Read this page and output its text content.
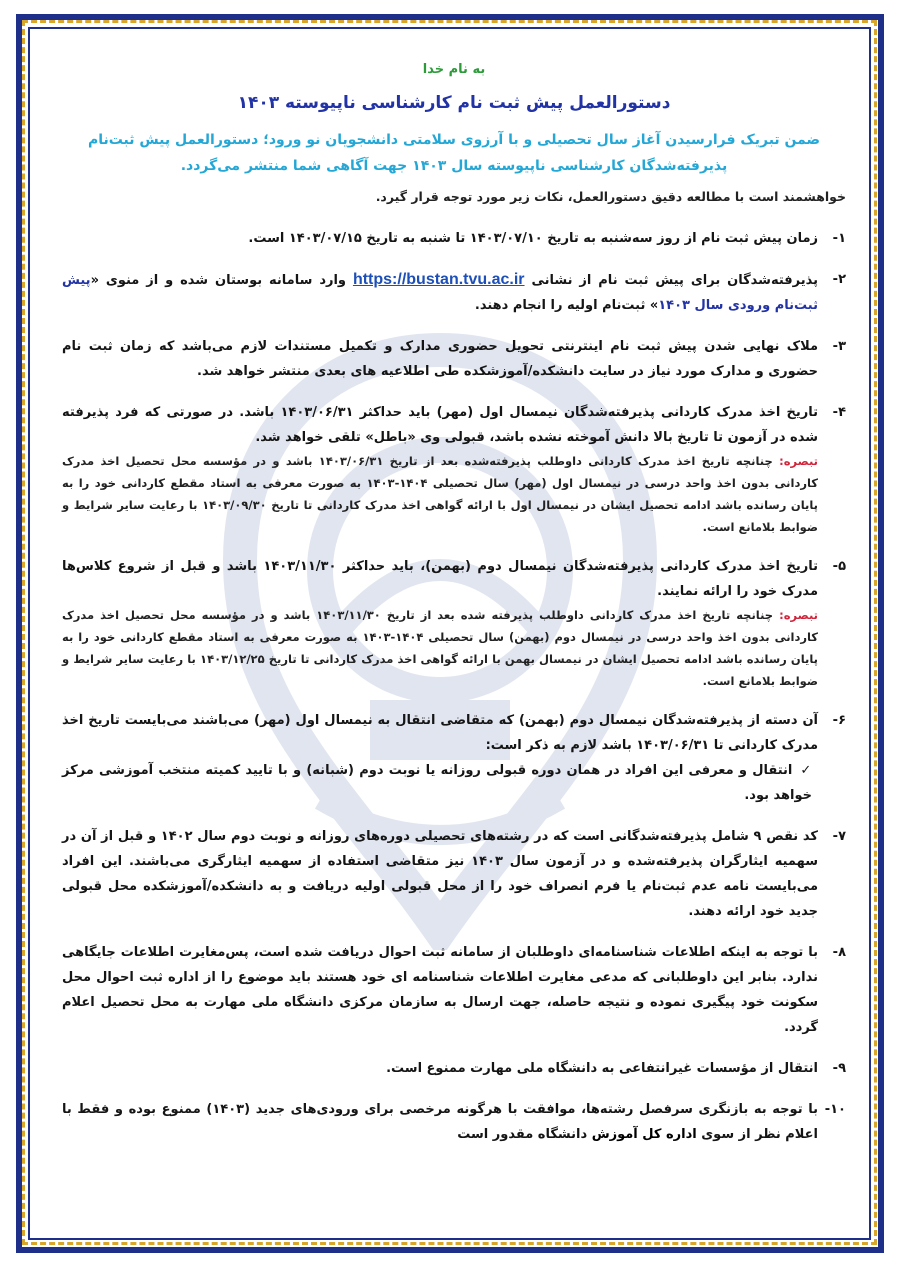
به نام خدا
دستورالعمل پیش ثبت نام کارشناسی ناپیوسته ۱۴۰۳
ضمن تبریک فرارسیدن آغاز سال تحصیلی و با آرزوی سلامتی دانشجویان نو ورود؛ دستورالعمل پیش ثبت‌نام پذیرفته‌شدگان کارشناسی ناپیوسته سال ۱۴۰۳ جهت آگاهی شما منتشر می‌گردد.
خواهشمند است با مطالعه دقیق دستورالعمل، نکات زیر مورد توجه قرار گیرد.
۱-
زمان پیش ثبت نام از روز سه‌شنبه به تاریخ ۱۴۰۳/۰۷/۱۰ تا شنبه به تاریخ ۱۴۰۳/۰۷/۱۵ است.
۲-
پذیرفته‌شدگان برای پیش ثبت نام از نشانی https://bustan.tvu.ac.ir وارد سامانه بوستان شده و از منوی «پیش ثبت‌نام ورودی سال ۱۴۰۳» ثبت‌نام اولیه را انجام دهند.
۳-
ملاک نهایی شدن پیش ثبت نام اینترنتی تحویل حضوری مدارک و تکمیل مستندات لازم می‌باشد که زمان ثبت نام حضوری و مدارک مورد نیاز در سایت دانشکده/آموزشکده طی اطلاعیه های بعدی منتشر خواهد شد.
۴-
تاریخ اخذ مدرک کاردانی پذیرفته‌شدگان نیمسال اول (مهر) باید حداکثر ۱۴۰۳/۰۶/۳۱ باشد. در صورتی که فرد پذیرفته شده در آزمون تا تاریخ بالا دانش آموخته نشده باشد، قبولی وی «باطل» تلقی خواهد شد.
تبصره: چنانچه تاریخ اخذ مدرک کاردانی داوطلب پذیرفته‌شده بعد از تاریخ ۱۴۰۳/۰۶/۳۱ باشد و در مؤسسه محل تحصیل اخذ مدرک کاردانی بدون اخذ واحد درسی در نیمسال اول (مهر) سال تحصیلی ۱۴۰۴-۱۴۰۳ به صورت معرفی به استاد مقطع کاردانی خود را به پایان رسانده باشد ادامه تحصیل ایشان در نیمسال اول با ارائه گواهی اخذ مدرک کاردانی تا تاریخ ۱۴۰۳/۰۹/۳۰ با رعایت سایر شرایط و ضوابط بلامانع است.
۵-
تاریخ اخذ مدرک کاردانی پذیرفته‌شدگان نیمسال دوم (بهمن)، باید حداکثر ۱۴۰۳/۱۱/۳۰ باشد و قبل از شروع کلاس‌ها مدرک خود را ارائه نمایند.
تبصره: چنانچه تاریخ اخذ مدرک کاردانی داوطلب پذیرفته شده بعد از تاریخ ۱۴۰۳/۱۱/۳۰ باشد و در مؤسسه محل تحصیل اخذ مدرک کاردانی بدون اخذ واحد درسی در نیمسال دوم (بهمن) سال تحصیلی ۱۴۰۴-۱۴۰۳ به صورت معرفی به استاد مقطع کاردانی خود را به پایان رسانده باشد ادامه تحصیل ایشان در نیمسال بهمن با ارائه گواهی اخذ مدرک کاردانی تا تاریخ ۱۴۰۳/۱۲/۲۵ با رعایت سایر شرایط و ضوابط بلامانع است.
۶-
آن دسته از پذیرفته‌شدگان نیمسال دوم (بهمن) که متقاضی انتقال به نیمسال اول (مهر) می‌باشند می‌بایست تاریخ اخذ مدرک کاردانی تا ۱۴۰۳/۰۶/۳۱ باشد لازم به ذکر است:
✓انتقال و معرفی این افراد در همان دوره قبولی روزانه یا نوبت دوم (شبانه) و با تایید کمیته منتخب آموزشی مرکز خواهد بود.
۷-
کد نقص ۹ شامل پذیرفته‌شدگانی است که در رشته‌های تحصیلی دوره‌های روزانه و نوبت دوم سال ۱۴۰۲ و قبل از آن در سهمیه ایثارگران پذیرفته‌شده و در آزمون سال ۱۴۰۳ نیز متقاضی استفاده از سهمیه ایثارگری می‌باشند. این افراد می‌بایست نامه عدم ثبت‌نام یا فرم انصراف خود را از محل قبولی اولیه دریافت و به دانشکده/آموزشکده محل قبولی جدید خود ارائه دهند.
۸-
با توجه به اینکه اطلاعات شناسنامه‌ای داوطلبان از سامانه ثبت احوال دریافت شده است، پس‌مغایرت اطلاعات جایگاهی ندارد. بنابر این داوطلبانی که مدعی مغایرت اطلاعات شناسنامه ای خود هستند باید موضوع را از اداره ثبت احوال محل سکونت خود پیگیری نموده و نتیجه حاصله، جهت ارسال به سازمان مرکزی دانشگاه ملی مهارت به محل تحصیل اعلام گردد.
۹-
انتقال از مؤسسات غیرانتفاعی به دانشگاه ملی مهارت ممنوع است.
۱۰-
با توجه به بازنگری سرفصل رشته‌ها، موافقت با هرگونه مرخصی برای ورودی‌های جدید (۱۴۰۳) ممنوع بوده و فقط با اعلام نظر از سوی اداره کل آموزش دانشگاه مقدور است
